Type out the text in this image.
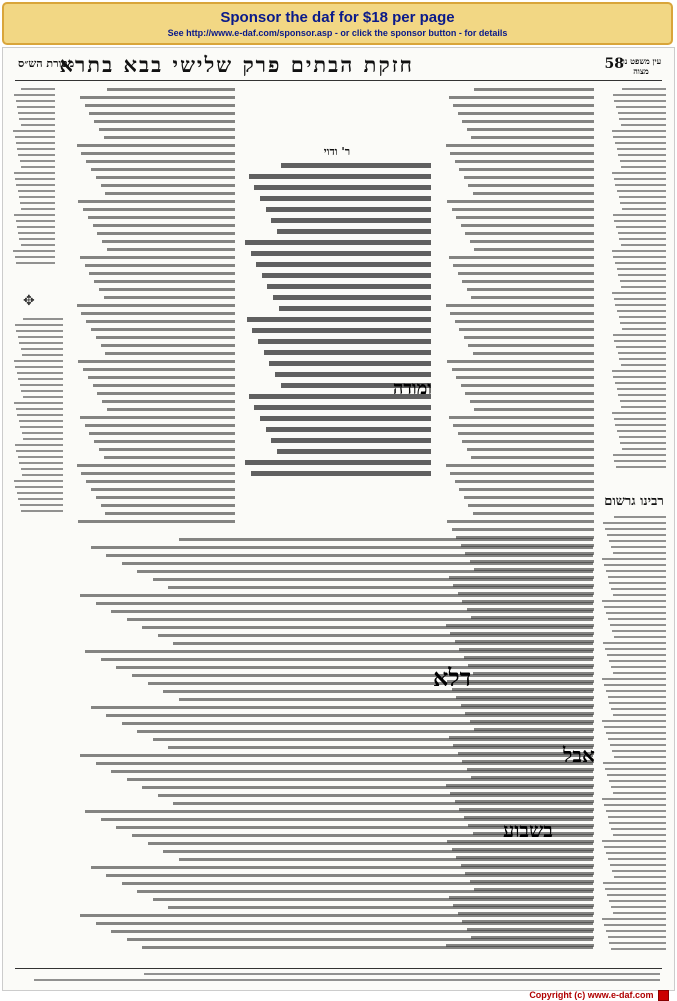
Sponsor the daf for $18 per page
See http://www.e-daf.com/sponsor.asp - or click the sponsor button - for details
58
חזקת הבתים פרק שלישי בבא בתרא
מסורת הש״ס	עין משפט נר מצוה
רבינו גרשום
✥
ר' ודוי
ומודה
דלא
אבל
בשבוע
Copyright (c) www.e-daf.com
